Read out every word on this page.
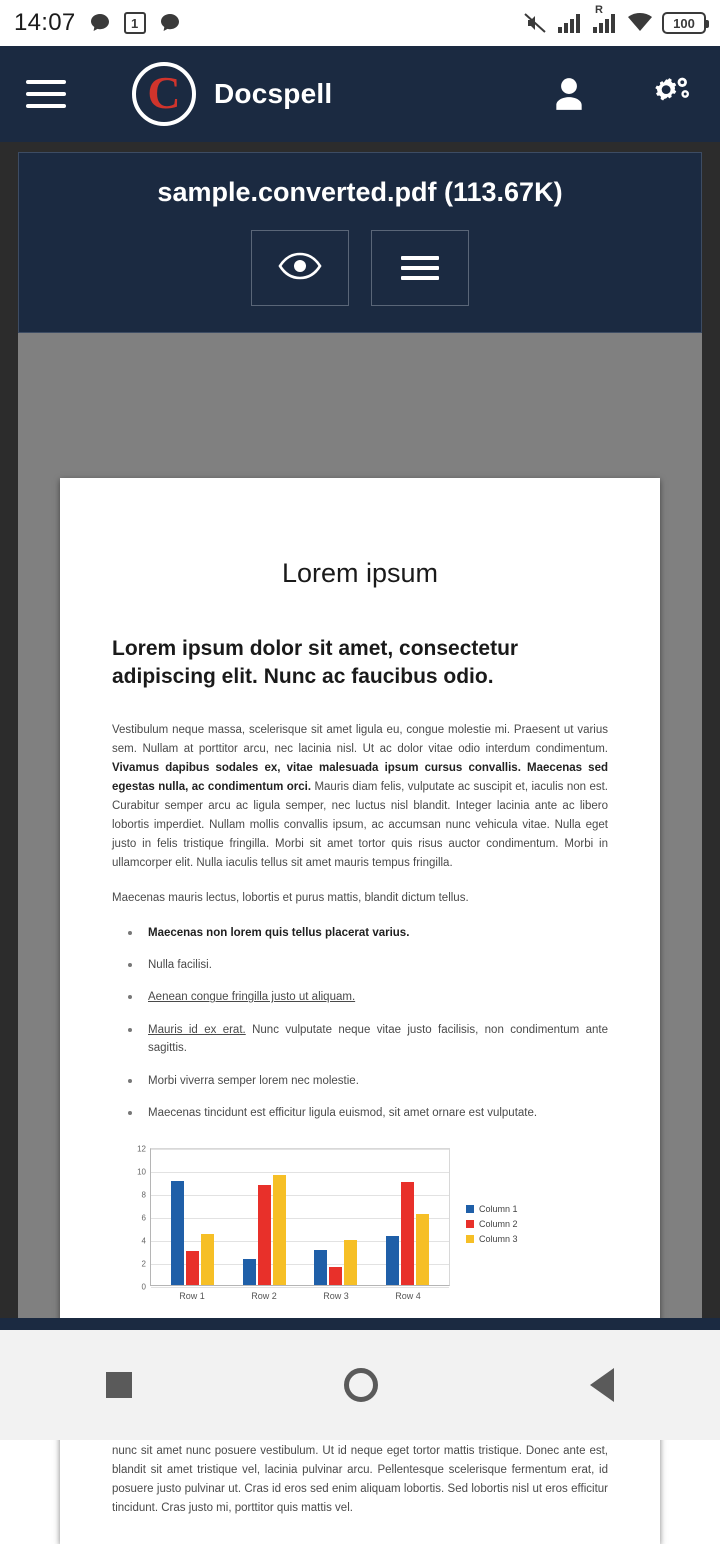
14:07	1
R
100
C Docspell
Lorem ipsum
Lorem ipsum dolor sit amet, consectetur adipiscing elit. Nunc ac faucibus odio.

Vestibulum neque massa, scelerisque sit amet ligula eu, congue molestie mi. Praesent ut varius sem. Nullam at porttitor arcu, nec lacinia nisl. Ut ac dolor vitae odio interdum condimentum. Vivamus dapibus sodales ex, vitae malesuada ipsum cursus convallis. Maecenas sed egestas nulla, ac condimentum orci. Mauris diam felis, vulputate ac suscipit et, iaculis non est. Curabitur semper arcu ac ligula semper, nec luctus nisl blandit. Integer lacinia ante ac libero lobortis imperdiet. Nullam mollis convallis ipsum, ac accumsan nunc vehicula vitae. Nulla eget justo in felis tristique fringilla. Morbi sit amet tortor quis risus auctor condimentum. Morbi in ullamcorper elit. Nulla iaculis tellus sit amet mauris tempus fringilla.

Maecenas mauris lectus, lobortis et purus mattis, blandit dictum tellus.

Maecenas non lorem quis tellus placerat varius.
Nulla facilisi.
Aenean congue fringilla justo ut aliquam.
Mauris id ex erat. Nunc vulputate neque vitae justo facilisis, non condimentum ante sagittis.
Morbi viverra semper lorem nec molestie.
Maecenas tincidunt est efficitur ligula euismod, sit amet ornare est vulputate.
0
2
4
6
8
10
12
Row 1	Row 2	Row 3	Row 4
Column 1
Column 2
Column 3

nunc sit amet nunc posuere vestibulum. Ut id neque eget tortor mattis tristique. Donec ante est, blandit sit amet tristique vel, lacinia pulvinar arcu. Pellentesque scelerisque fermentum erat, id posuere justo pulvinar ut. Cras id eros sed enim aliquam lobortis. Sed lobortis nisl ut eros efficitur tincidunt. Cras justo mi, porttitor quis mattis vel.

sample.converted.pdf (113.67K)
